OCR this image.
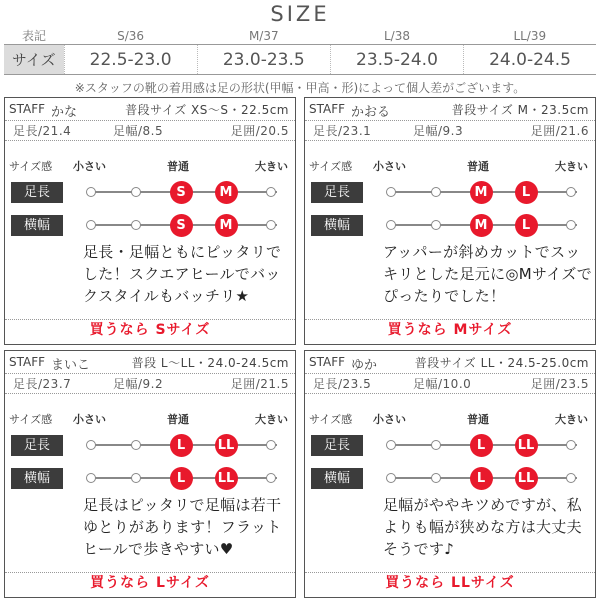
SIZE
表記	S/36	M/37	L/38	LL/39
サイズ	22.5-23.0	23.0-23.5	23.5-24.0	24.0-24.5
※スタッフの靴の着用感は足の形状(甲幅・甲高・形)によって個人差がございます。
STAFF かな	普段サイズ XS〜S・22.5cm
足長/21.4	足幅/8.5	足囲/20.5
サイズ感 小さい	普通	大きい
足長
横幅
足長・足幅ともにピッタリでした！スクエアヒールでバックスタイルもバッチリ★
買うなら Sサイズ
S	M
S	M
STAFF かおる	普段サイズ M・23.5cm
足長/23.1	足幅/9.3	足囲/21.6
サイズ感 小さい	普通	大きい
足長
横幅
アッパーが斜めカットでスッキリとした足元に◎Mサイズでぴったりでした！
買うなら Mサイズ
M	L
M	L
STAFF まいこ	普段 L〜LL・24.0-24.5cm
足長/23.7	足幅/9.2	足囲/21.5
サイズ感 小さい	普通	大きい
足長
横幅
足長はピッタリで足幅は若干ゆとりがあります！フラットヒールで歩きやすい♥
買うなら Lサイズ
L	LL
L	LL
STAFF ゆか	普段サイズ LL・24.5-25.0cm
足長/23.5	足幅/10.0	足囲/23.5
サイズ感 小さい	普通	大きい
足長
横幅
足幅がややキツめですが、私よりも幅が狭めな方は大丈夫そうです♪
買うなら LLサイズ
L	LL
L	LL
